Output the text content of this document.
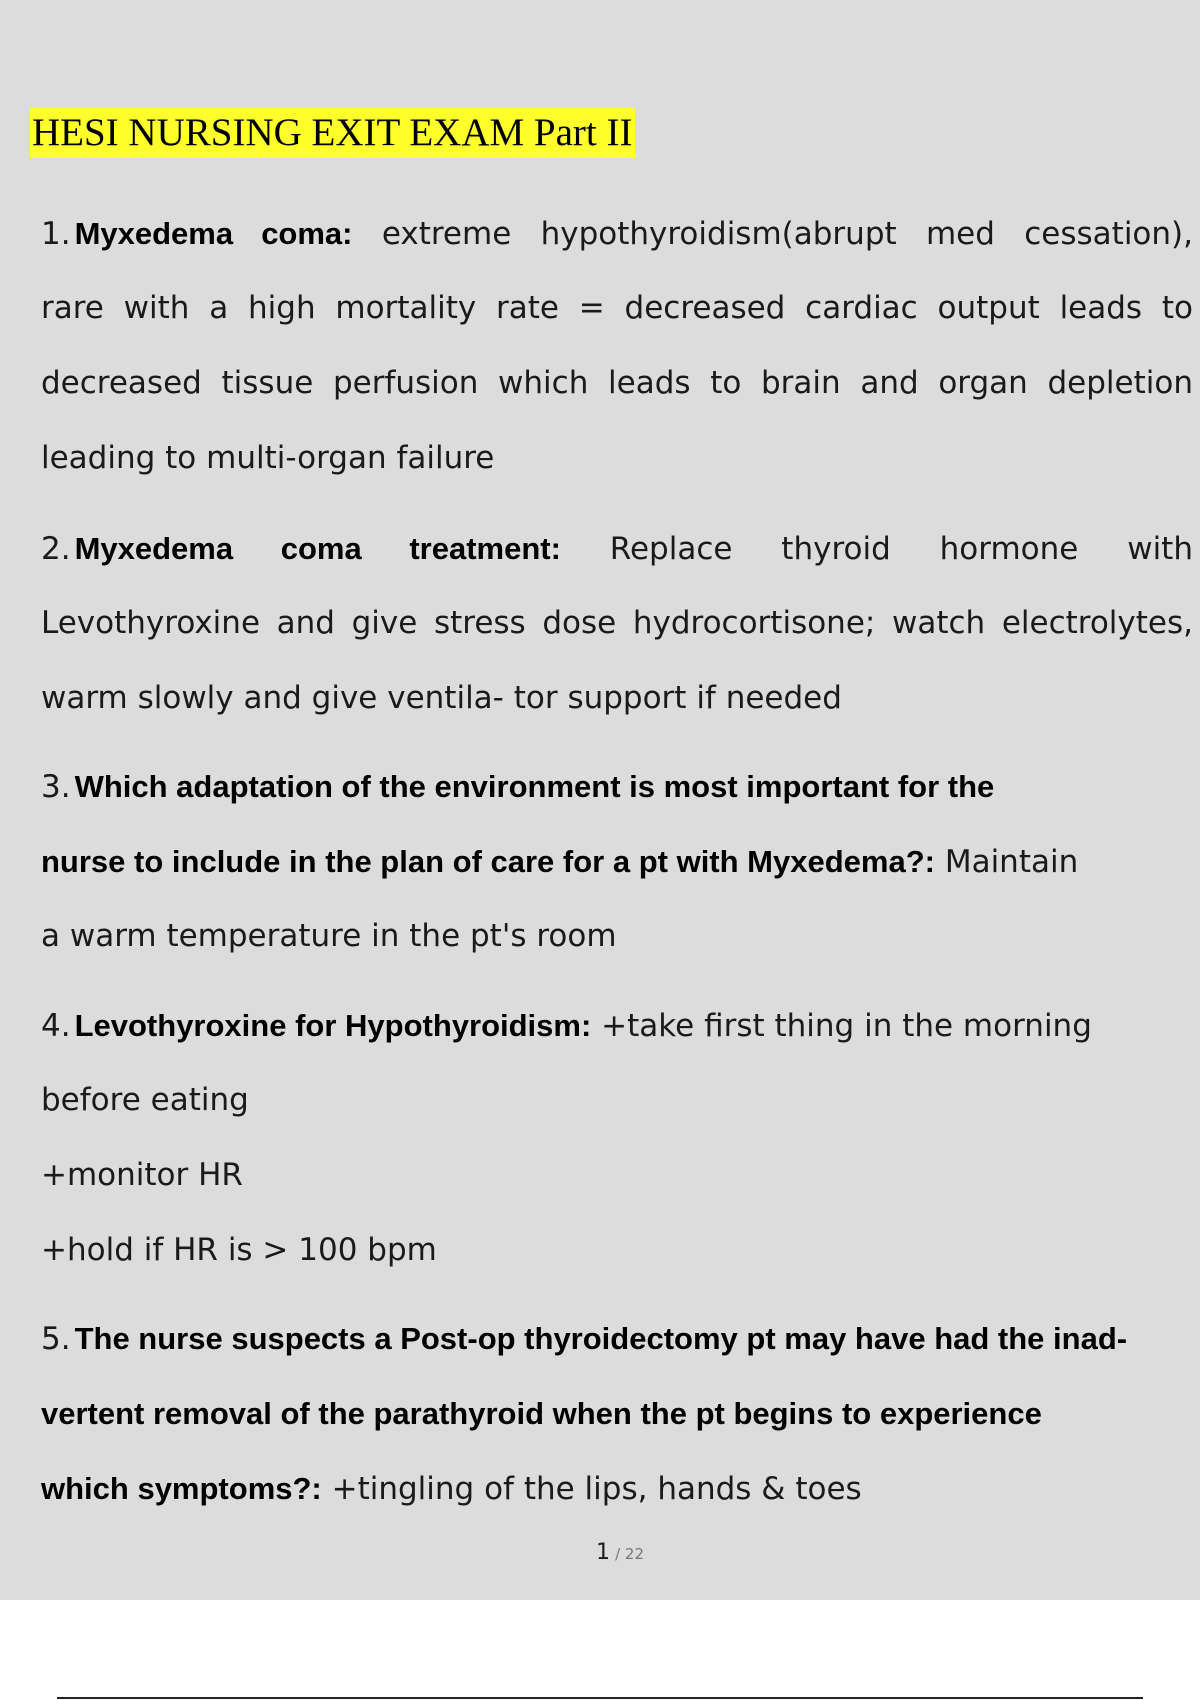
HESI NURSING EXIT EXAM Part II
1. Myxedema coma: extreme hypothyroidism(abrupt med cessation),
rare with a high mortality rate = decreased cardiac output leads to
decreased tissue perfusion which leads to brain and organ depletion
leading to multi-organ failure
2. Myxedema coma treatment: Replace thyroid hormone with
Levothyroxine and give stress dose hydrocortisone; watch electrolytes,
warm slowly and give ventila- tor support if needed
3. Which adaptation of the environment is most important for the
nurse to include in the plan of care for a pt with Myxedema?: Maintain
a warm temperature in the pt's room
4. Levothyroxine for Hypothyroidism: +take first thing in the morning
before eating
+monitor HR
+hold if HR is > 100 bpm
5. The nurse suspects a Post-op thyroidectomy pt may have had the inad-
vertent removal of the parathyroid when the pt begins to experience
which symptoms?: +tingling of the lips, hands & toes
1 / 22
